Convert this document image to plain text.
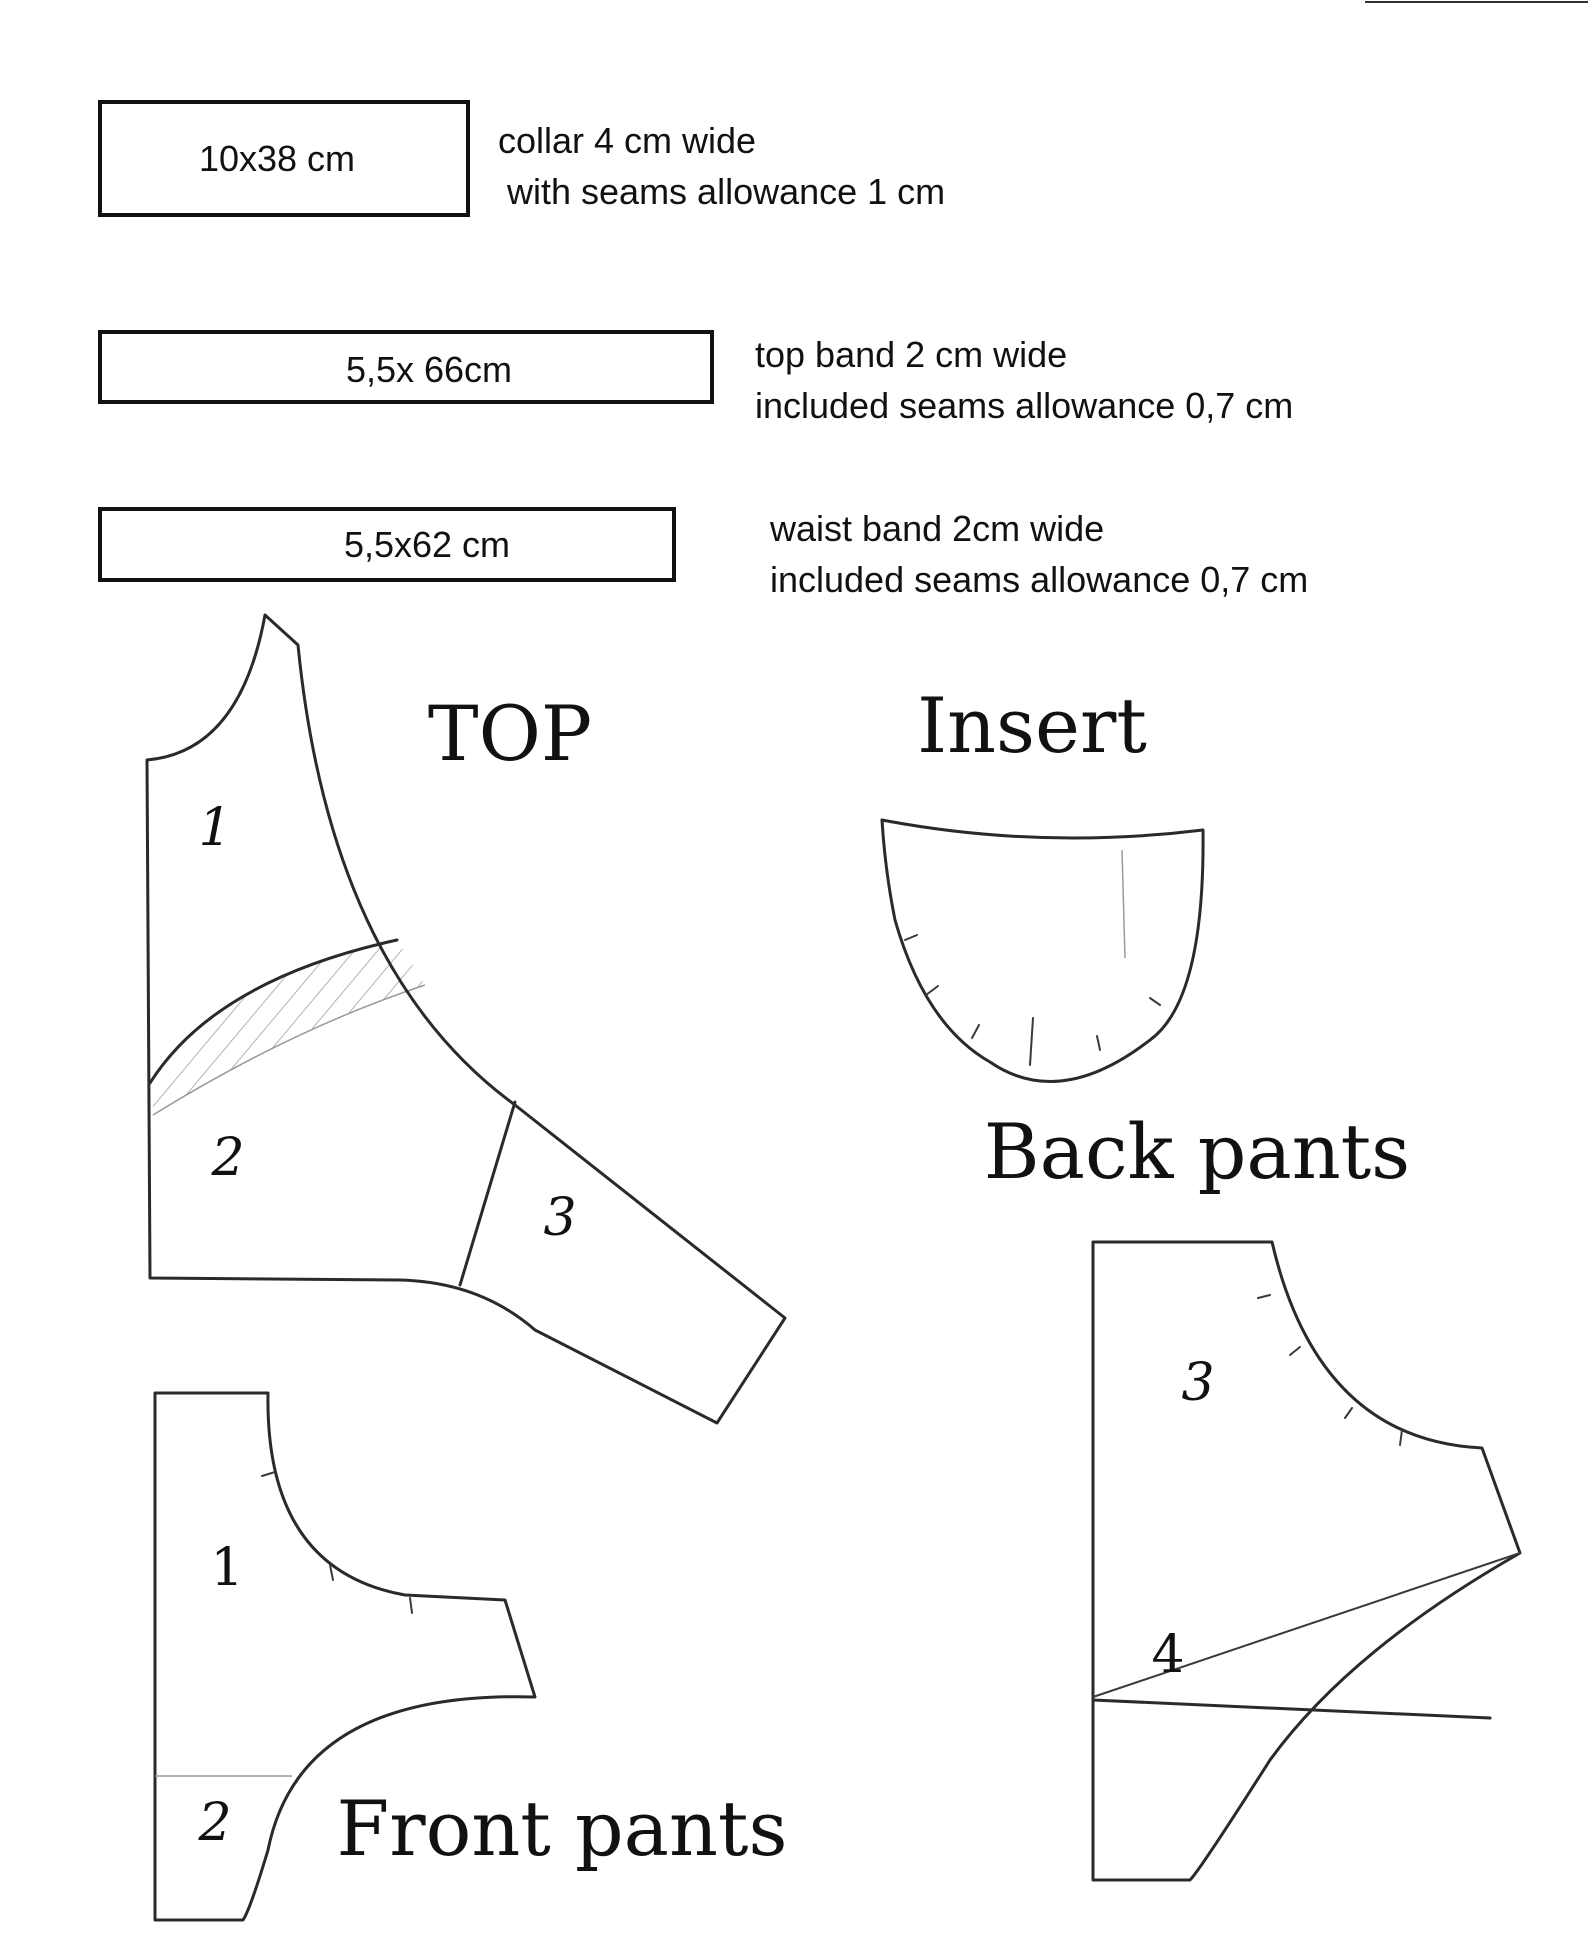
10x38 cm	collar 4 cm wide
with seams allowance 1 cm
5,5x 66cm	top band 2 cm wide
included seams allowance 0,7 cm
5,5x62 cm	waist band 2cm wide
included seams allowance 0,7 cm
TOP
1
2
3
Insert
Back pants
3
4
1
2 Front pants
